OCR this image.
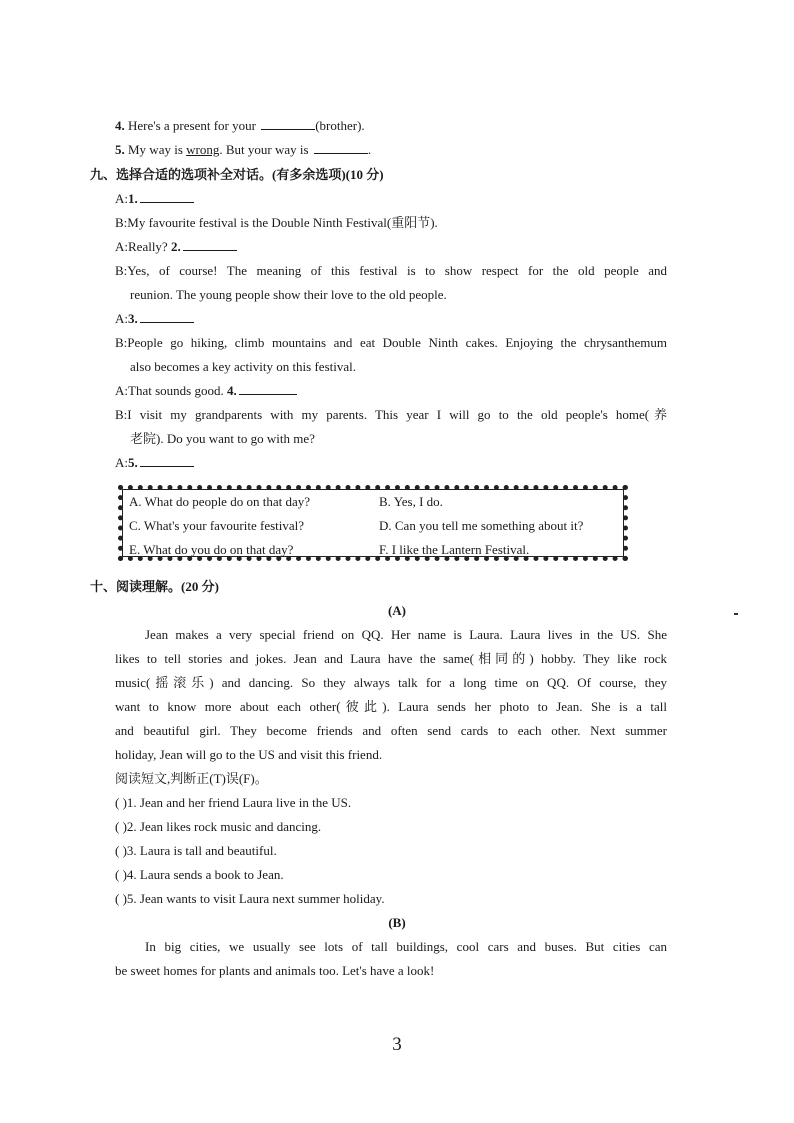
4. Here's a present for your	(brother).
5. My way is wrong. But your way is	.
九、选择合适的选项补全对话。(有多余选项)(10 分)
A:1.
B:My favourite festival is the Double Ninth Festival(重阳节).
A:Really? 2.
B:Yes, of course! The meaning of this festival is to show respect for the old people and
reunion. The young people show their love to the old people.
A:3.
B:People go hiking, climb mountains and eat Double Ninth cakes. Enjoying the chrysanthemum
also becomes a key activity on this festival.
A:That sounds good. 4.
B:I visit my grandparents with my parents. This year I will go to the old people's home(养
老院). Do you want to go with me?
A:5.
A. What do people do on that day?	B. Yes, I do.
C. What's your favourite festival?	D. Can you tell me something about it?
E. What do you do on that day?	F. I like the Lantern Festival.
十、阅读理解。(20 分)
(A)
Jean makes a very special friend on QQ. Her name is Laura. Laura lives in the US. She
likes to tell stories and jokes. Jean and Laura have the same(相同的) hobby. They like rock
music(摇滚乐) and dancing. So they always talk for a long time on QQ. Of course, they
want to know more about each other(彼此). Laura sends her photo to Jean. She is a tall
and beautiful girl. They become friends and often send cards to each other. Next summer
holiday, Jean will go to the US and visit this friend.
阅读短文,判断正(T)误(F)。
( )1. Jean and her friend Laura live in the US.
( )2. Jean likes rock music and dancing.
( )3. Laura is tall and beautiful.
( )4. Laura sends a book to Jean.
( )5. Jean wants to visit Laura next summer holiday.
(B)
In big cities, we usually see lots of tall buildings, cool cars and buses. But cities can
be sweet homes for plants and animals too. Let's have a look!
3
